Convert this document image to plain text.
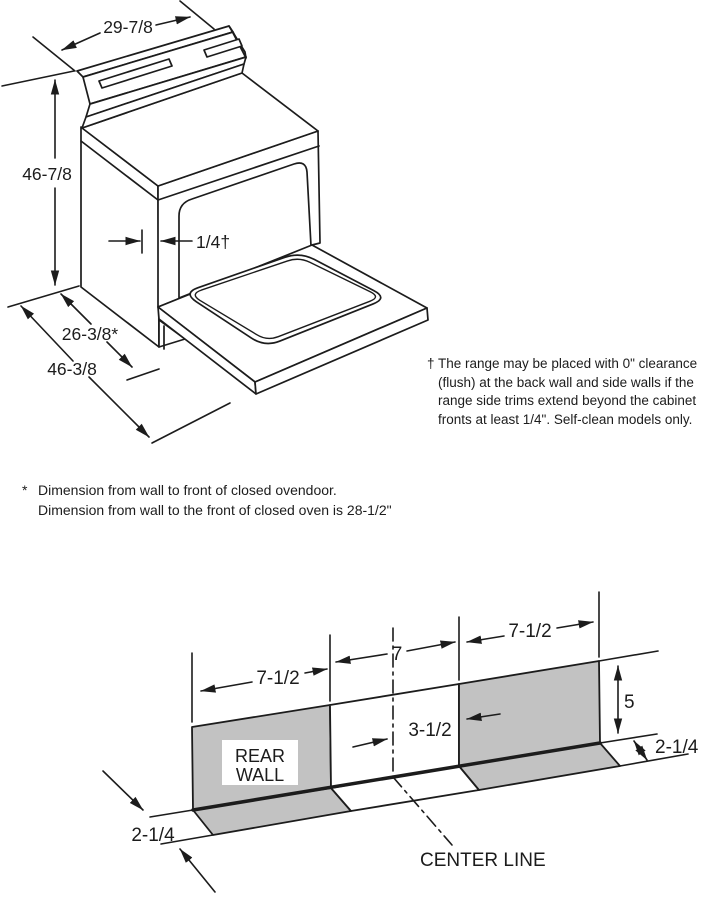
29-7/8
46-7/8
1/4†
26-3/8*
46-3/8
7-1/2
7
7-1/2
5
2-1/4
3-1/2
2-1/4
REAR
WALL
CENTER LINE
† The range may be placed with 0" clearance
(flush) at the back wall and side walls if the
range side trims extend beyond the cabinet
fronts at least 1/4". Self-clean models only.
* Dimension from wall to front of closed ovendoor.
Dimension from wall to the front of closed oven is 28-1/2"
